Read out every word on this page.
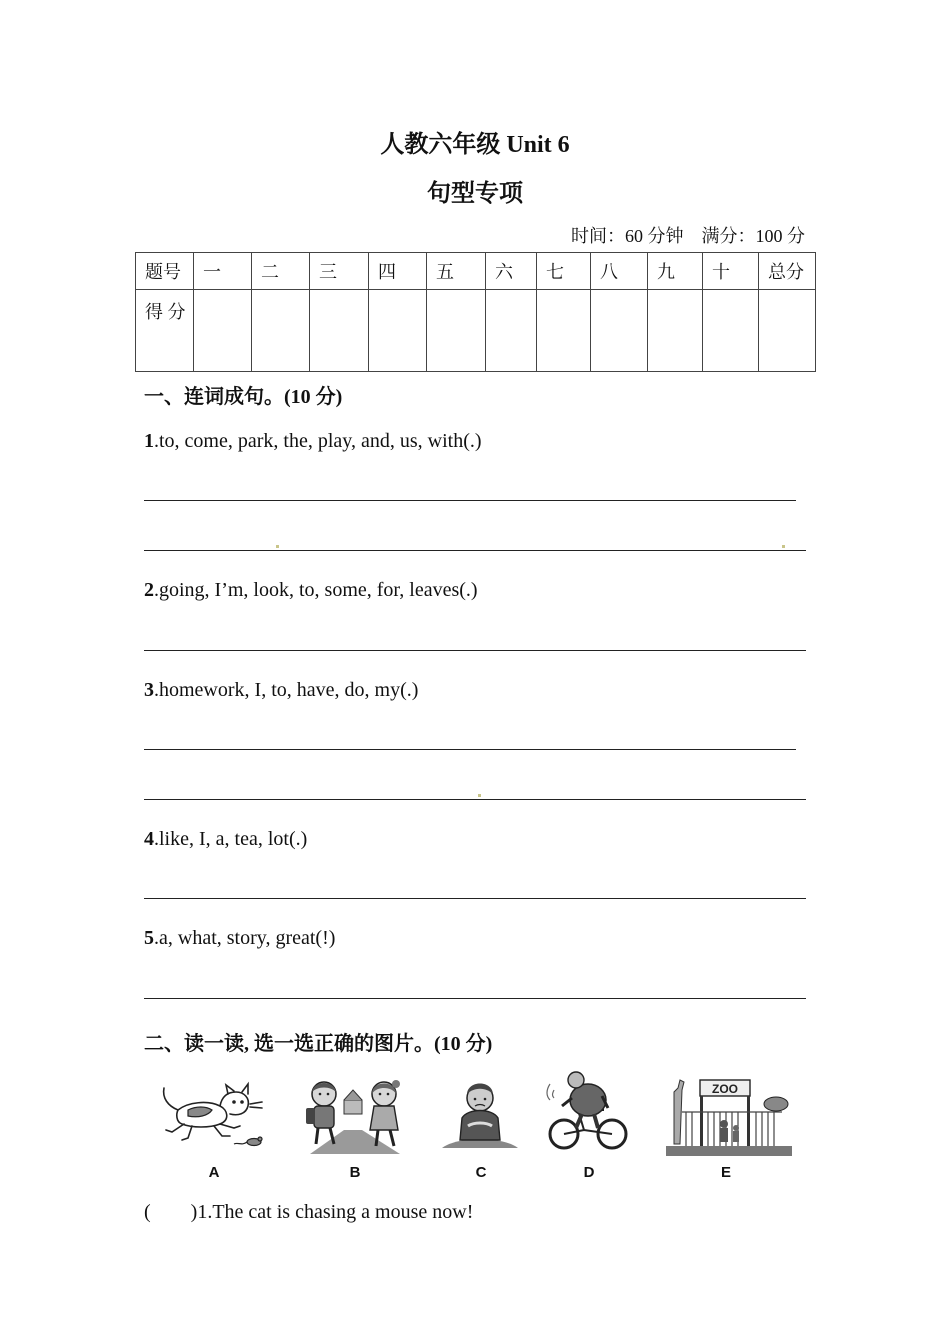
人教六年级 Unit 6
句型专项
时间：60 分钟 满分：100 分
题号	一	二	三	四	五	六	七	八	九	十	总分
得 分											
一、连词成句。(10 分)
1.to, come, park, the, play, and, us, with(.)
2.going, I’m, look, to, some, for, leaves(.)
3.homework, I, to, have, do, my(.)
4.like, I, a, tea, lot(.)
5.a, what, story, great(!)
二、读一读, 选一选正确的图片。(10 分)
A	B	C	D
ZOO
E
(        )1.The cat is chasing a mouse now!
